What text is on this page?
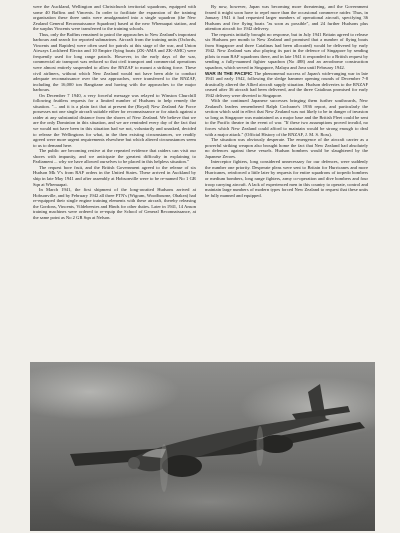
were the Auckland, Wellington and Christchurch territorial squadrons, equipped with some 40 Baffins and Vincents. In order to facilitate the expansion of the training organisation these three units were amalgamated into a single squadron (the New Zealand General Reconnaissance Squadron) based at the new Whenuapai station, and the surplus Vincents were transferred to the training schools.

Thus, only the Baffins remained to patrol the approaches to New Zealand's important harbours and search for reported submarines. Aircraft from the training units (Oxfords, Vincents and Rapides) were often used for patrols at this stage of the war, and Union Airways Lockheed Electra and 10 Empire flying boats (ZK-AMA and ZK-AMC) were frequently used for long range patrols. However, in the early days of the war, commercial air transport was reduced so that civil transport and commercial operations were almost entirely suspended to allow the RNZAF to mount a striking force. These civil airliners, without which New Zealand would not have been able to conduct adequate reconnaissance over the sea approaches, were transferred to the RNZAF, including the 16,000 ton Rangitane and having with the approaches to the major harbours.

On December 7 1940, a very forceful message was relayed to Winston Churchill following fruitless requests for a limited number of Hudsons to help remedy the situation. "... and it is a plain fact that at present the (Royal) New Zealand Air Force possesses not one single aircraft suitable either for reconnaissance or for attack against a raider at any substantial distance from the shores of New Zealand. We believe that we are the only Dominion in this situation, and we are reminded every day of the fact that we would not have been in this situation had we not, voluntarily and unasked, decided to release the Wellingtons for what, in the then existing circumstances, we readily agreed were more urgent requirements elsewhere but which altered circumstances seem to us to demand here.

The public are becoming restive at the repeated evidence that raiders can visit our shores with impunity, and we anticipate the greatest difficulty in explaining to Parliament ... why we have allowed ourselves to be placed in this helpless situation."

The request bore fruit, and the British Government agreed to the release of six Hudson Mk V's from RAF orders in the United States. These arrived in Auckland by ship in late May 1941 and after assembly at Hobsonville were to be re-named No 1 GR Sqn at Whenuapai.

In March 1941, the first shipment of the long-awaited Hudsons arrived at Hobsonville, and by February 1942 all three FTN's (Wigram, Woodbourne, Ohakea) had re-equipped their single engine training elements with these aircraft, thereby releasing the Gordons, Vincents, Vildebeestes and Hinds for other duties. Later in 1941, 14 Anson training machines were ordered to re-equip the School of General Reconnaissance, at the same point as No 2 GR Sqn at Nelson.

By now, however, Japan was becoming more threatening, and the Government feared it might soon have to repel more than the occasional commerce raider. Thus, in January 1941 it had requested larger numbers of operational aircraft, specifying 36 Hudsons and five flying boats "as soon as possible", and 24 further Hudsons plus attention aircraft for 1942 delivery.

The requests initially brought no response, but in July 1941 Britain agreed to release six Hudsons per month to New Zealand and promised that a number of flying boats from Singapore and three Catalinas had been allocated) would be delivered by early 1942. New Zealand was also playing its part in the defence of Singapore by sending pilots to man RAF squadrons there, and in late 1941 it responded to a British request by sending a fully-manned fighter squadron (No 488) and an aerodrome construction squadron, which served in Singapore, Malaya and Java until February 1942.

WAR IN THE PACIFIC The phenomenal success of Japan's wide-ranging war in late 1941 and early 1942, following the sledge hammer opening rounds of December 7-8 drastically altered the Allied aircraft supply situation. Hudson deliveries to the RNZAF ceased after 36 aircraft had been delivered, and the three Catalinas promised for early 1942 delivery were diverted to Singapore.

With the continued Japanese successes bringing them further southwards, New Zealand's leaders remembered Ralph Cochrane's 1936 report, and particularly the section which said in effect that New Zealand was not likely to be in danger of invasion so long as Singapore was maintained as a major base and the British Fleet could be sent to the Pacific theatre in the event of war. "If these two assumptions proved invalid, no forces which New Zealand could afford to maintain would be strong enough to deal with a major attack." (Official History of the RNZAF, J. M. S. Ross).

The situation was obviously desperate. The emergence of the aircraft carrier as a powerful striking weapon also brought home the fact that New Zealand had absolutely no defences against these vessels. Hudson bombers would be slaughtered by the Japanese Zeroes.

Interceptor fighters, long considered unnecessary for our defences, were suddenly the number one priority. Desperate pleas were sent to Britain for Hurricanes and more Hurricanes, reinforced a little later by requests for entire squadrons of torpedo bombers or medium bombers, long range fighters, army co-operation and dive bombers and four troop carrying aircraft. A lack of experienced men in this country to operate, control and maintain large numbers of modern types forced New Zealand to request that these units be fully manned and equipped.
